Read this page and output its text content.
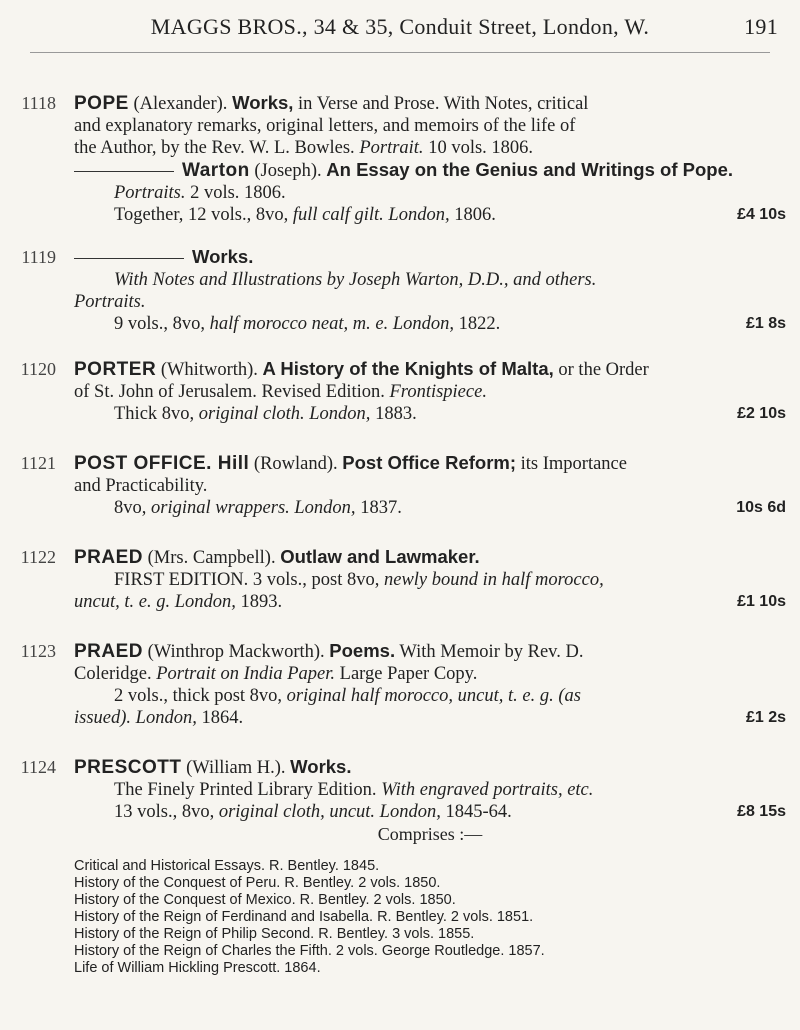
MAGGS BROS., 34 & 35, Conduit Street, London, W.	191
1118 POPE (Alexander). Works, in Verse and Prose. With Notes, critical
and explanatory remarks, original letters, and memoirs of the life of
the Author, by the Rev. W. L. Bowles. Portrait. 10 vols. 1806.
Warton (Joseph). An Essay on the Genius and Writings of Pope.
Portraits. 2 vols. 1806.
Together, 12 vols., 8vo, full calf gilt. London, 1806.	£4 10s
1119	Works.
With Notes and Illustrations by Joseph Warton, D.D., and others.
Portraits.
9 vols., 8vo, half morocco neat, m. e. London, 1822.	£1 8s
1120 PORTER (Whitworth). A History of the Knights of Malta, or the Order
of St. John of Jerusalem. Revised Edition. Frontispiece.
Thick 8vo, original cloth. London, 1883.	£2 10s
1121 POST OFFICE. Hill (Rowland). Post Office Reform; its Importance
and Practicability.
8vo, original wrappers. London, 1837.	10s 6d
1122 PRAED (Mrs. Campbell). Outlaw and Lawmaker.
FIRST EDITION. 3 vols., post 8vo, newly bound in half morocco,
uncut, t. e. g. London, 1893.	£1 10s
1123 PRAED (Winthrop Mackworth). Poems. With Memoir by Rev. D.
Coleridge. Portrait on India Paper. Large Paper Copy.
2 vols., thick post 8vo, original half morocco, uncut, t. e. g. (as
issued). London, 1864.	£1 2s
1124 PRESCOTT (William H.). Works.
The Finely Printed Library Edition. With engraved portraits, etc.
13 vols., 8vo, original cloth, uncut. London, 1845-64.	£8 15s
Comprises :—
Critical and Historical Essays. R. Bentley. 1845.
History of the Conquest of Peru. R. Bentley. 2 vols. 1850.
History of the Conquest of Mexico. R. Bentley. 2 vols. 1850.
History of the Reign of Ferdinand and Isabella. R. Bentley. 2 vols. 1851.
History of the Reign of Philip Second. R. Bentley. 3 vols. 1855.
History of the Reign of Charles the Fifth. 2 vols. George Routledge. 1857.
Life of William Hickling Prescott. 1864.
